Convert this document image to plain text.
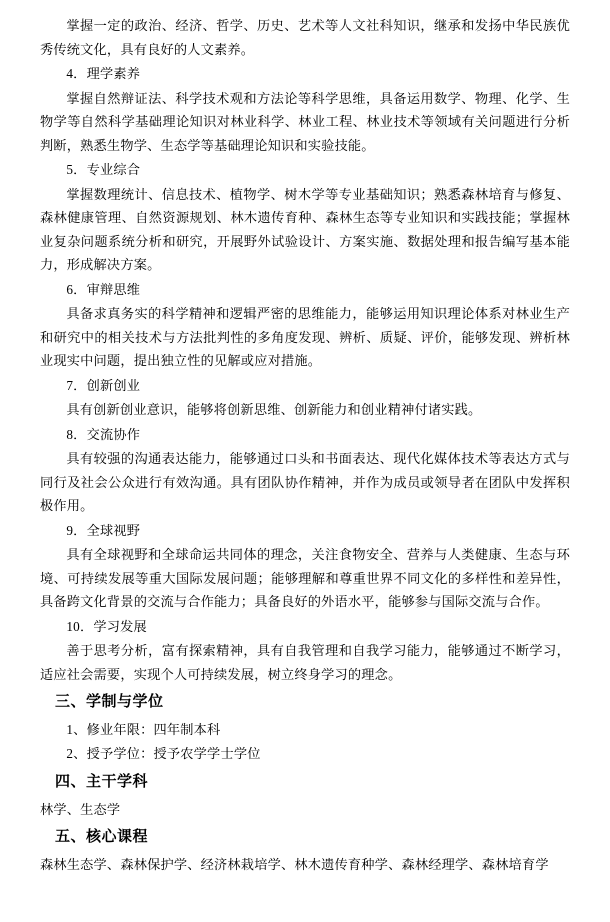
掌握一定的政治、经济、哲学、历史、艺术等人文社科知识，继承和发扬中华民族优秀传统文化，具有良好的人文素养。
4．理学素养
掌握自然辩证法、科学技术观和方法论等科学思维，具备运用数学、物理、化学、生物学等自然科学基础理论知识对林业科学、林业工程、林业技术等领域有关问题进行分析判断，熟悉生物学、生态学等基础理论知识和实验技能。
5．专业综合
掌握数理统计、信息技术、植物学、树木学等专业基础知识；熟悉森林培育与修复、森林健康管理、自然资源规划、林木遗传育种、森林生态等专业知识和实践技能；掌握林业复杂问题系统分析和研究，开展野外试验设计、方案实施、数据处理和报告编写基本能力，形成解决方案。
6．审辩思维
具备求真务实的科学精神和逻辑严密的思维能力，能够运用知识理论体系对林业生产和研究中的相关技术与方法批判性的多角度发现、辨析、质疑、评价，能够发现、辨析林业现实中问题，提出独立性的见解或应对措施。
7．创新创业
具有创新创业意识，能够将创新思维、创新能力和创业精神付诸实践。
8．交流协作
具有较强的沟通表达能力，能够通过口头和书面表达、现代化媒体技术等表达方式与同行及社会公众进行有效沟通。具有团队协作精神，并作为成员或领导者在团队中发挥积极作用。
9．全球视野
具有全球视野和全球命运共同体的理念，关注食物安全、营养与人类健康、生态与环境、可持续发展等重大国际发展问题；能够理解和尊重世界不同文化的多样性和差异性，具备跨文化背景的交流与合作能力；具备良好的外语水平，能够参与国际交流与合作。
10．学习发展
善于思考分析，富有探索精神，具有自我管理和自我学习能力，能够通过不断学习，适应社会需要，实现个人可持续发展，树立终身学习的理念。
三、学制与学位
1、修业年限：四年制本科
2、授予学位：授予农学学士学位
四、主干学科
林学、生态学
五、核心课程
森林生态学、森林保护学、经济林栽培学、林木遗传育种学、森林经理学、森林培育学
